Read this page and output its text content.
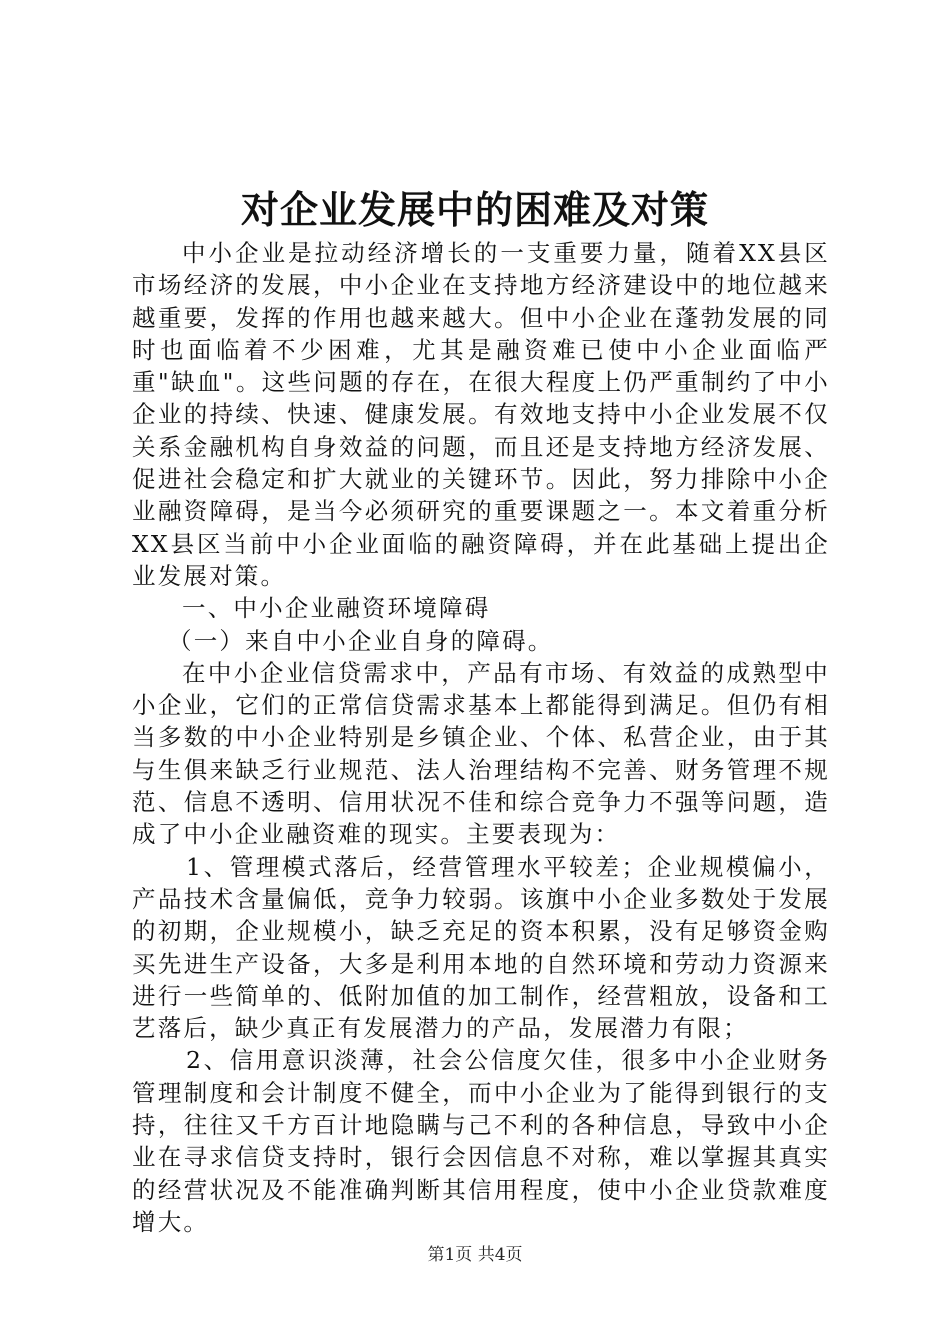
对企业发展中的困难及对策

中小企业是拉动经济增长的一支重要力量，随着XX县区市场经济的发展，中小企业在支持地方经济建设中的地位越来越重要，发挥的作用也越来越大。但中小企业在蓬勃发展的同时也面临着不少困难，尤其是融资难已使中小企业面临严重"缺血"。这些问题的存在，在很大程度上仍严重制约了中小企业的持续、快速、健康发展。有效地支持中小企业发展不仅关系金融机构自身效益的问题，而且还是支持地方经济发展、促进社会稳定和扩大就业的关键环节。因此，努力排除中小企业融资障碍，是当今必须研究的重要课题之一。本文着重分析XX县区当前中小企业面临的融资障碍，并在此基础上提出企业发展对策。

一、中小企业融资环境障碍

（一）来自中小企业自身的障碍。

在中小企业信贷需求中，产品有市场、有效益的成熟型中小企业，它们的正常信贷需求基本上都能得到满足。但仍有相当多数的中小企业特别是乡镇企业、个体、私营企业，由于其与生俱来缺乏行业规范、法人治理结构不完善、财务管理不规范、信息不透明、信用状况不佳和综合竞争力不强等问题，造成了中小企业融资难的现实。主要表现为：

1、管理模式落后，经营管理水平较差；企业规模偏小，产品技术含量偏低，竞争力较弱。该旗中小企业多数处于发展的初期，企业规模小，缺乏充足的资本积累，没有足够资金购买先进生产设备，大多是利用本地的自然环境和劳动力资源来进行一些简单的、低附加值的加工制作，经营粗放，设备和工艺落后，缺少真正有发展潜力的产品，发展潜力有限；

2、信用意识淡薄，社会公信度欠佳，很多中小企业财务管理制度和会计制度不健全，而中小企业为了能得到银行的支持，往往又千方百计地隐瞒与己不利的各种信息，导致中小企业在寻求信贷支持时，银行会因信息不对称，难以掌握其真实的经营状况及不能准确判断其信用程度，使中小企业贷款难度增大。

第1页 共4页
